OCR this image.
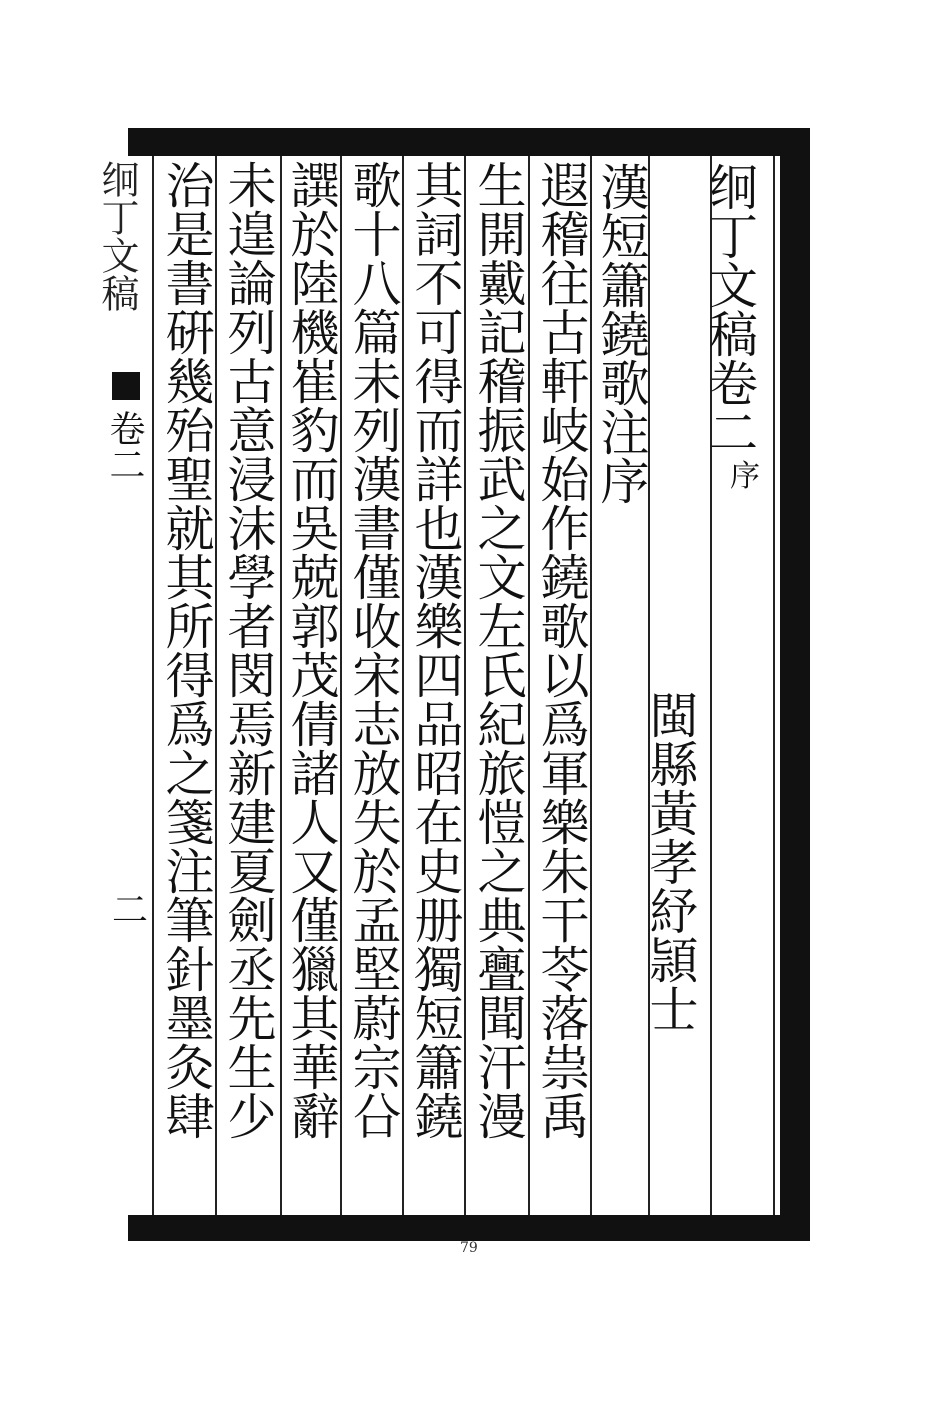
䌹丁文稿卷二
序
閩縣黃孝紓頴士
漢短簫鐃歌注序
遐稽往古軒岐始作鐃歌以爲軍樂朱干苓落祟禹
生開戴記稽振武之文左氏紀旅愷之典亹聞汗漫
其詞不可得而詳也漢樂四品昭在史册獨短簫鐃
歌十八篇未列漢書僅收宋志放失於孟堅蔚宗㕣
譔於陸機崔豹而吳兢郭茂倩諸人又僅獵其華辭
未遑論列古意浸沫學者閔焉新建夏劍丞先生少
治是書硏幾殆聖就其所得爲之箋注筆針墨灸肆
䌹丁文稿
卷二
二
79
